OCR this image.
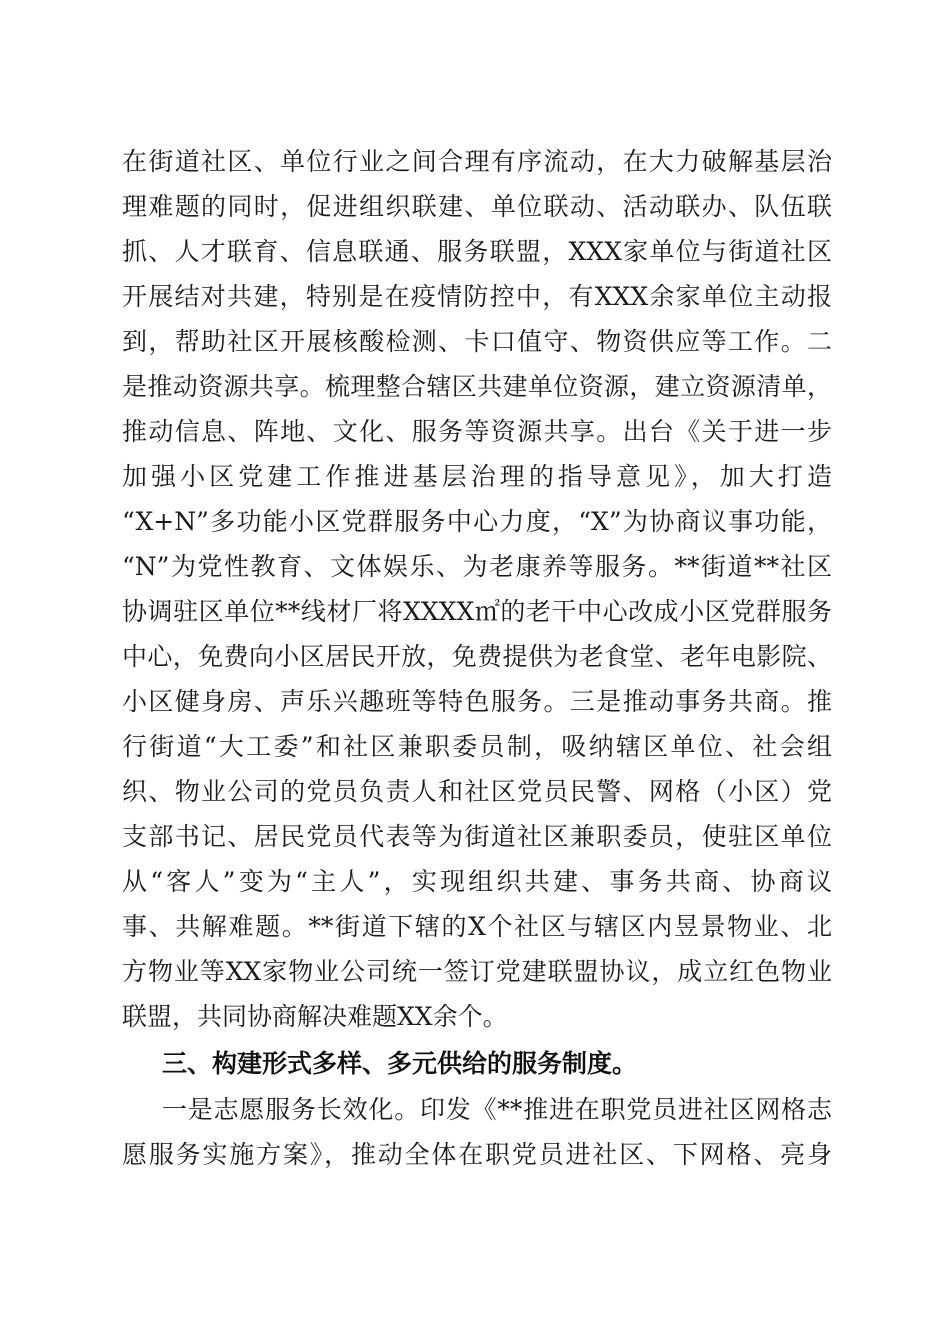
在街道社区、单位行业之间合理有序流动，在大力破解基层治
理难题的同时，促进组织联建、单位联动、活动联办、队伍联
抓、人才联育、信息联通、服务联盟，XXX家单位与街道社区
开展结对共建，特别是在疫情防控中，有XXX余家单位主动报
到，帮助社区开展核酸检测、卡口值守、物资供应等工作。二
是推动资源共享。梳理整合辖区共建单位资源，建立资源清单，
推动信息、阵地、文化、服务等资源共享。出台《关于进一步
加强小区党建工作推进基层治理的指导意见》，加大打造
“X+N”多功能小区党群服务中心力度，“X”为协商议事功能，
“N”为党性教育、文体娱乐、为老康养等服务。**街道**社区
协调驻区单位**线材厂将XXXX㎡的老干中心改成小区党群服务
中心，免费向小区居民开放，免费提供为老食堂、老年电影院、
小区健身房、声乐兴趣班等特色服务。三是推动事务共商。推
行街道“大工委”和社区兼职委员制，吸纳辖区单位、社会组
织、物业公司的党员负责人和社区党员民警、网格（小区）党
支部书记、居民党员代表等为街道社区兼职委员，使驻区单位
从“客人”变为“主人”，实现组织共建、事务共商、协商议
事、共解难题。**街道下辖的X个社区与辖区内昱景物业、北
方物业等XX家物业公司统一签订党建联盟协议，成立红色物业
联盟，共同协商解决难题XX余个。
三、构建形式多样、多元供给的服务制度。
一是志愿服务长效化。印发《**推进在职党员进社区网格志
愿服务实施方案》，推动全体在职党员进社区、下网格、亮身
